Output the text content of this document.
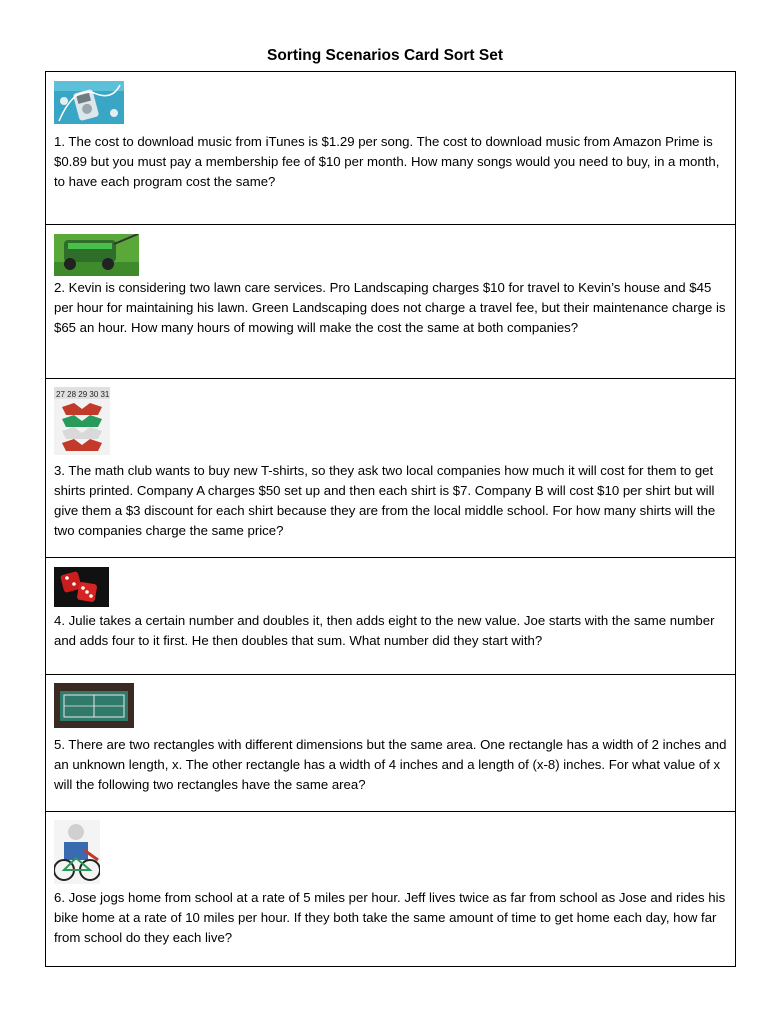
Sorting Scenarios Card Sort Set
1. The cost to download music from iTunes is $1.29 per song. The cost to download music from Amazon Prime is $0.89 but you must pay a membership fee of $10 per month. How many songs would you need to buy, in a month, to have each program cost the same?
2. Kevin is considering two lawn care services. Pro Landscaping charges $10 for travel to Kevin’s house and $45 per hour for maintaining his lawn. Green Landscaping does not charge a travel fee, but their maintenance charge is $65 an hour. How many hours of mowing will make the cost the same at both companies?
27 28 29 30 31
3. The math club wants to buy new T-shirts, so they ask two local companies how much it will cost for them to get shirts printed. Company A charges $50 set up and then each shirt is $7. Company B will cost $10 per shirt but will give them a $3 discount for each shirt because they are from the local middle school. For how many shirts will the two companies charge the same price?
4. Julie takes a certain number and doubles it, then adds eight to the new value. Joe starts with the same number and adds four to it first. He then doubles that sum. What number did they start with?
5. There are two rectangles with different dimensions but the same area. One rectangle has a width of 2 inches and an unknown length, x. The other rectangle has a width of 4 inches and a length of (x-8) inches. For what value of x will the following two rectangles have the same area?
6. Jose jogs home from school at a rate of 5 miles per hour. Jeff lives twice as far from school as Jose and rides his bike home at a rate of 10 miles per hour. If they both take the same amount of time to get home each day, how far from school do they each live?
